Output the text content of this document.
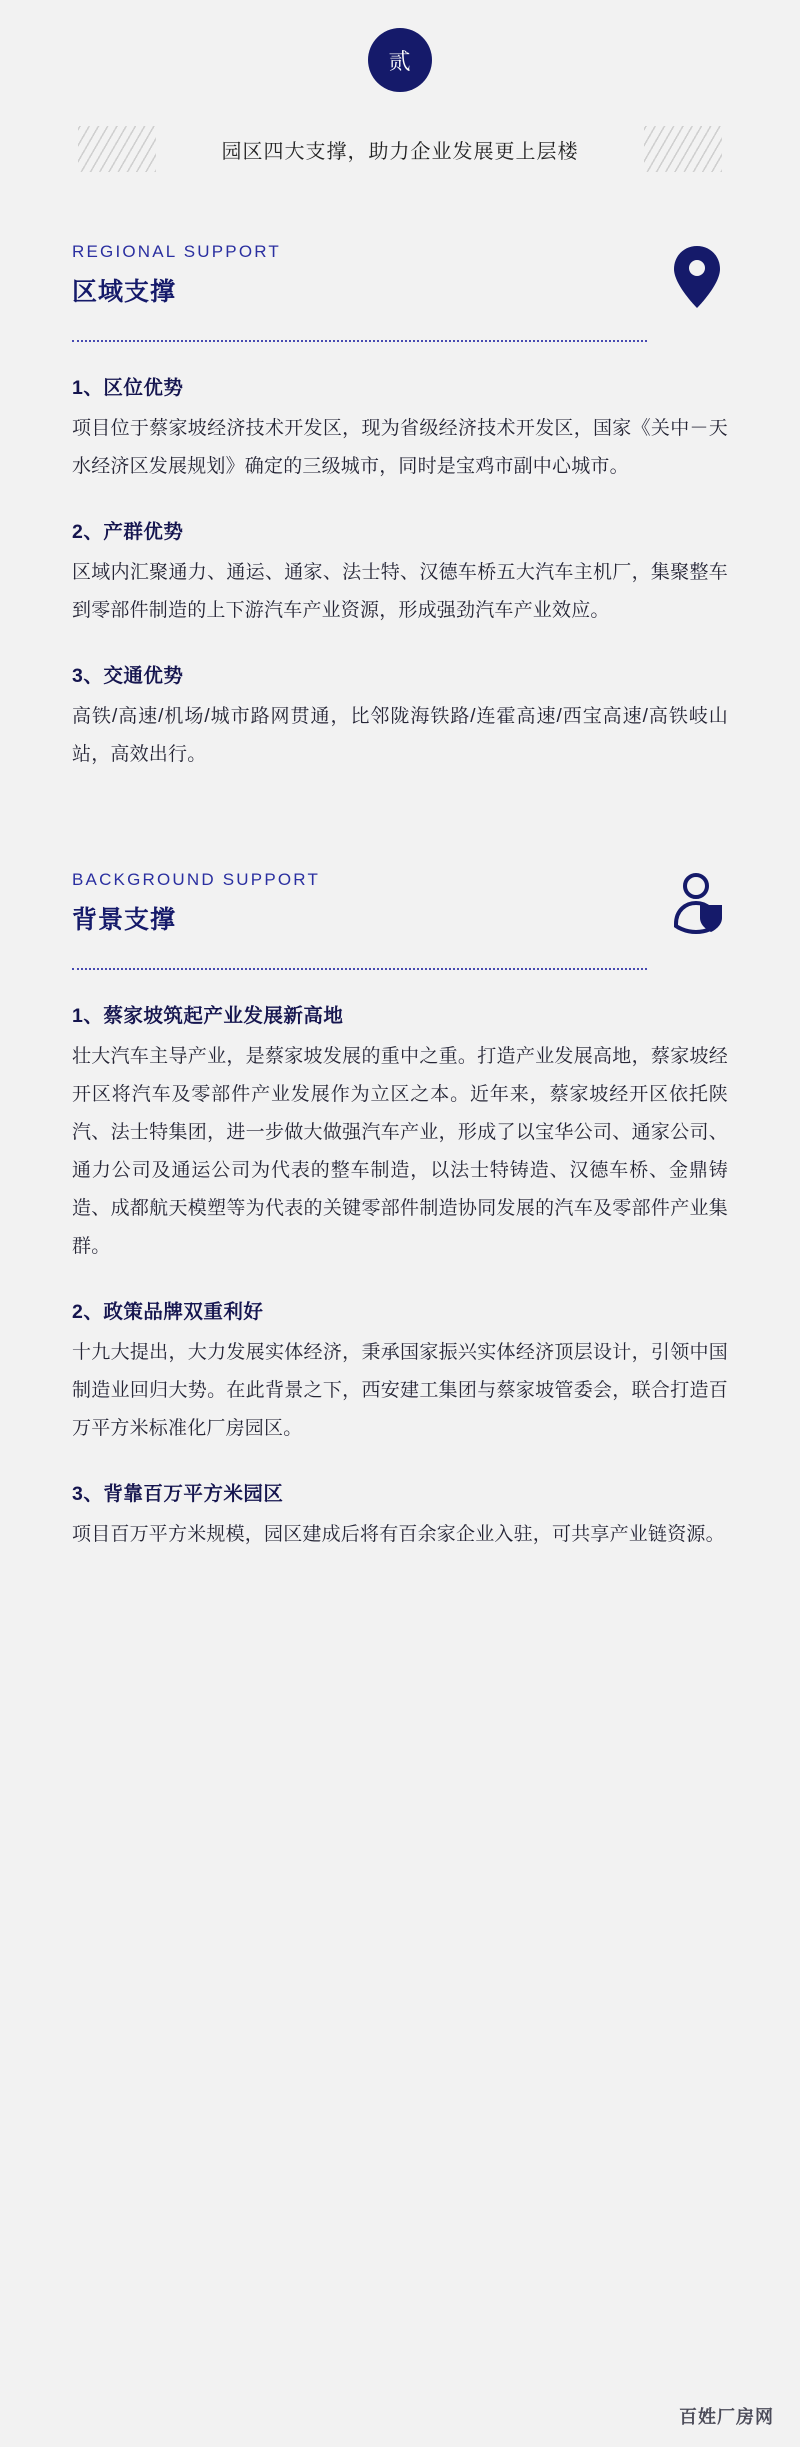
贰
园区四大支撑，助力企业发展更上层楼
REGIONAL SUPPORT
区域支撑
1、区位优势
项目位于蔡家坡经济技术开发区，现为省级经济技术开发区，国家《关中－天水经济区发展规划》确定的三级城市，同时是宝鸡市副中心城市。
2、产群优势
区域内汇聚通力、通运、通家、法士特、汉德车桥五大汽车主机厂，集聚整车到零部件制造的上下游汽车产业资源，形成强劲汽车产业效应。
3、交通优势
高铁/高速/机场/城市路网贯通，比邻陇海铁路/连霍高速/西宝高速/高铁岐山站，高效出行。
BACKGROUND SUPPORT
背景支撑
1、蔡家坡筑起产业发展新高地
壮大汽车主导产业，是蔡家坡发展的重中之重。打造产业发展高地，蔡家坡经开区将汽车及零部件产业发展作为立区之本。近年来，蔡家坡经开区依托陕汽、法士特集团，进一步做大做强汽车产业，形成了以宝华公司、通家公司、通力公司及通运公司为代表的整车制造，以法士特铸造、汉德车桥、金鼎铸造、成都航天模塑等为代表的关键零部件制造协同发展的汽车及零部件产业集群。
2、政策品牌双重利好
十九大提出，大力发展实体经济，秉承国家振兴实体经济顶层设计，引领中国制造业回归大势。在此背景之下，西安建工集团与蔡家坡管委会，联合打造百万平方米标准化厂房园区。
3、背靠百万平方米园区
项目百万平方米规模，园区建成后将有百余家企业入驻，可共享产业链资源。
百姓厂房网
